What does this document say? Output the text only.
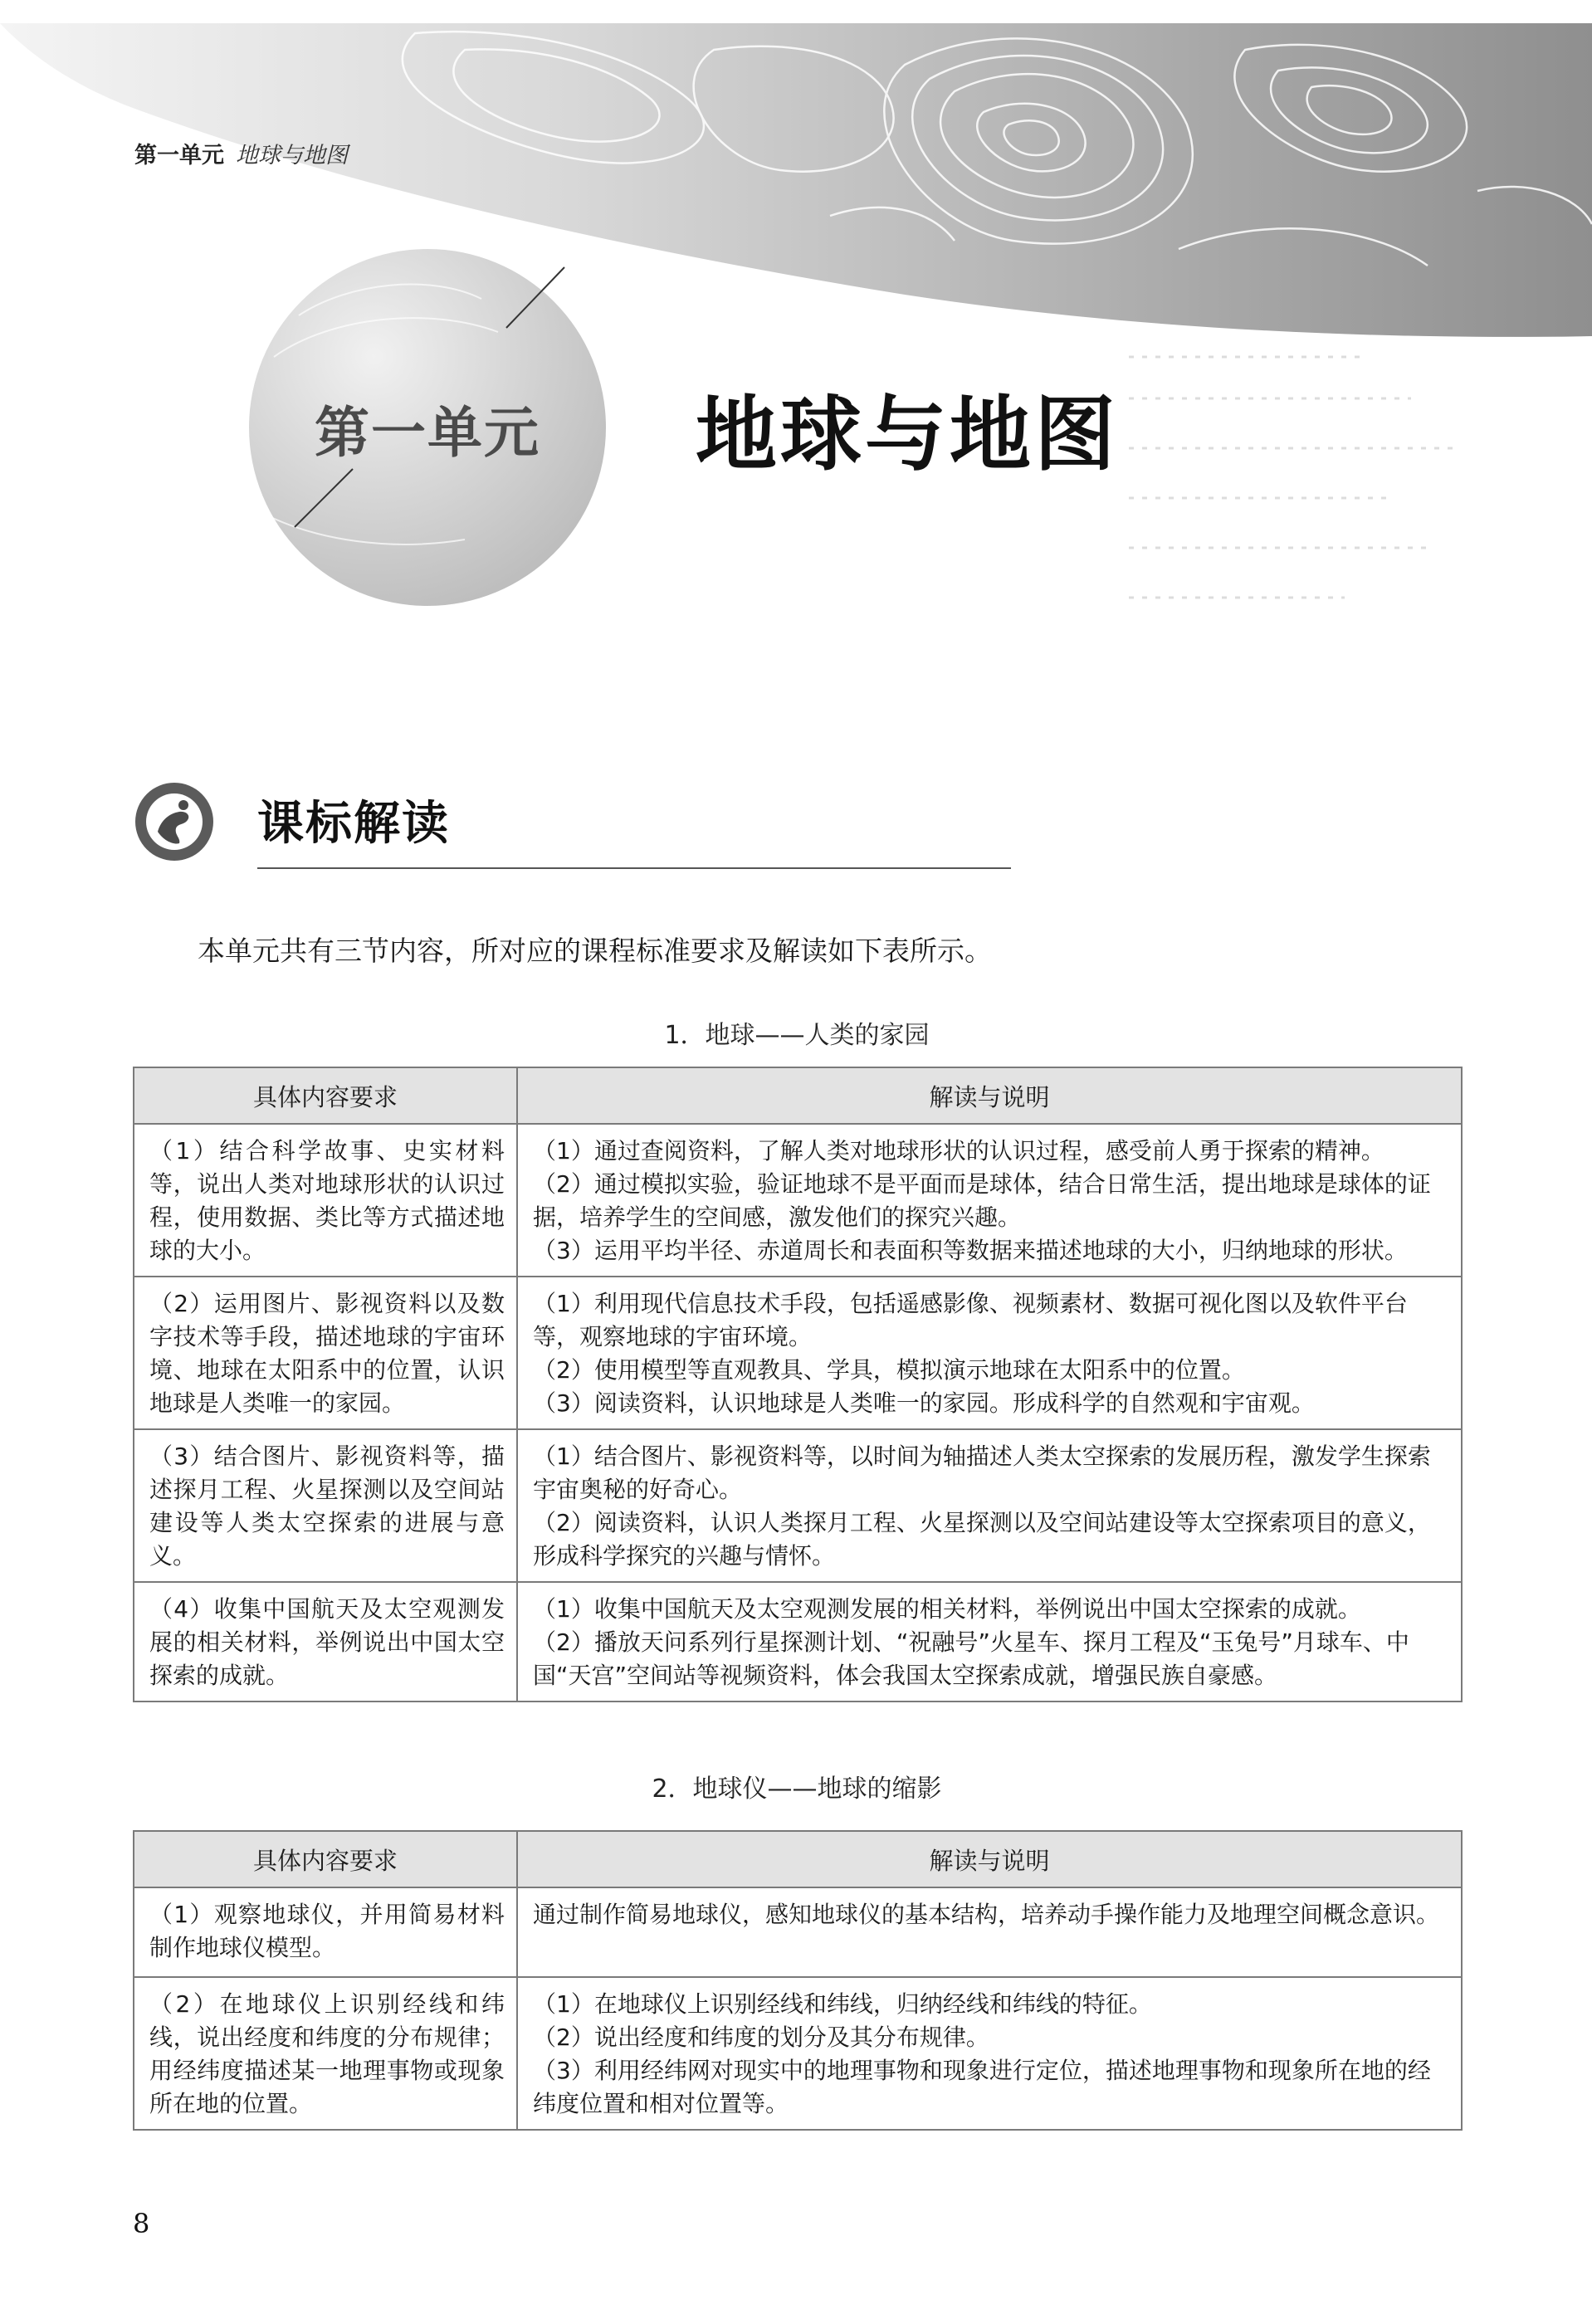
第一单元 地球与地图
第一单元	地球与地图
课标解读
本单元共有三节内容，所对应的课程标准要求及解读如下表所示。
1．地球——人类的家园
具体内容要求	解读与说明
（1）结合科学故事、史实材料等，说出人类对地球形状的认识过程，使用数据、类比等方式描述地球的大小。	（1）通过查阅资料，了解人类对地球形状的认识过程，感受前人勇于探索的精神。
（2）通过模拟实验，验证地球不是平面而是球体，结合日常生活，提出地球是球体的证据，培养学生的空间感，激发他们的探究兴趣。
（3）运用平均半径、赤道周长和表面积等数据来描述地球的大小，归纳地球的形状。

（2）运用图片、影视资料以及数字技术等手段，描述地球的宇宙环境、地球在太阳系中的位置，认识地球是人类唯一的家园。	（1）利用现代信息技术手段，包括遥感影像、视频素材、数据可视化图以及软件平台等，观察地球的宇宙环境。
（2）使用模型等直观教具、学具，模拟演示地球在太阳系中的位置。
（3）阅读资料，认识地球是人类唯一的家园。形成科学的自然观和宇宙观。

（3）结合图片、影视资料等，描述探月工程、火星探测以及空间站建设等人类太空探索的进展与意义。	（1）结合图片、影视资料等，以时间为轴描述人类太空探索的发展历程，激发学生探索宇宙奥秘的好奇心。
（2）阅读资料，认识人类探月工程、火星探测以及空间站建设等太空探索项目的意义，形成科学探究的兴趣与情怀。

（4）收集中国航天及太空观测发展的相关材料，举例说出中国太空探索的成就。	（1）收集中国航天及太空观测发展的相关材料，举例说出中国太空探索的成就。
（2）播放天问系列行星探测计划、“祝融号”火星车、探月工程及“玉兔号”月球车、中国“天宫”空间站等视频资料，体会我国太空探索成就，增强民族自豪感。
2．地球仪——地球的缩影
具体内容要求	解读与说明
（1）观察地球仪，并用简易材料制作地球仪模型。	通过制作简易地球仪，感知地球仪的基本结构，培养动手操作能力及地理空间概念意识。

（2）在地球仪上识别经线和纬线，说出经度和纬度的分布规律；用经纬度描述某一地理事物或现象所在地的位置。	（1）在地球仪上识别经线和纬线，归纳经线和纬线的特征。
（2）说出经度和纬度的划分及其分布规律。
（3）利用经纬网对现实中的地理事物和现象进行定位，描述地理事物和现象所在地的经纬度位置和相对位置等。
8
